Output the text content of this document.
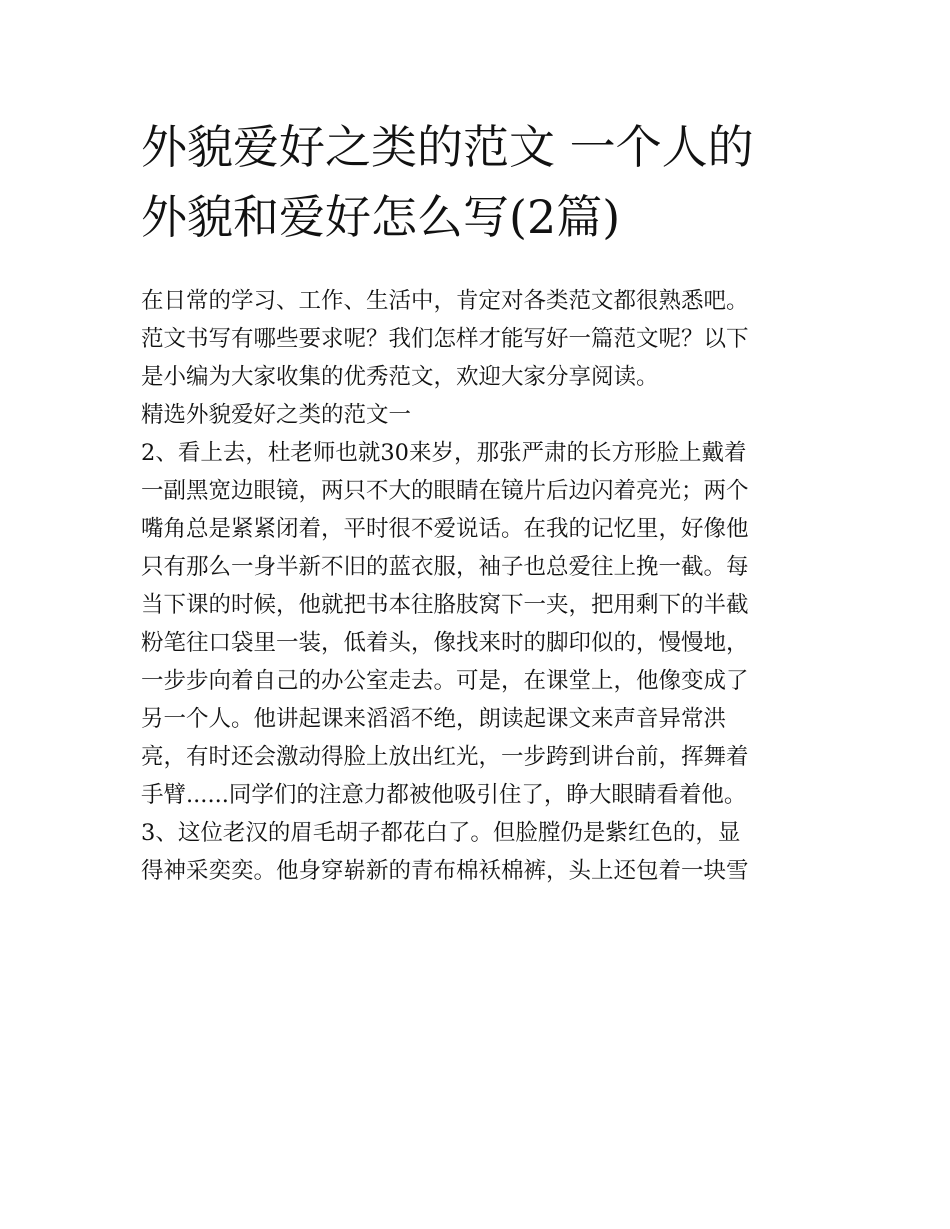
外貌爱好之类的范文 一个人的
外貌和爱好怎么写(2篇)
在日常的学习、工作、生活中，肯定对各类范文都很熟悉吧。
范文书写有哪些要求呢？我们怎样才能写好一篇范文呢？以下
是小编为大家收集的优秀范文，欢迎大家分享阅读。
精选外貌爱好之类的范文一
2、看上去，杜老师也就30来岁，那张严肃的长方形脸上戴着
一副黑宽边眼镜，两只不大的眼睛在镜片后边闪着亮光；两个
嘴角总是紧紧闭着，平时很不爱说话。在我的记忆里，好像他
只有那么一身半新不旧的蓝衣服，袖子也总爱往上挽一截。每
当下课的时候，他就把书本往胳肢窝下一夹，把用剩下的半截
粉笔往口袋里一装，低着头，像找来时的脚印似的，慢慢地，
一步步向着自己的办公室走去。可是，在课堂上，他像变成了
另一个人。他讲起课来滔滔不绝，朗读起课文来声音异常洪
亮，有时还会激动得脸上放出红光，一步跨到讲台前，挥舞着
手臂......同学们的注意力都被他吸引住了，睁大眼睛看着他。
3、这位老汉的眉毛胡子都花白了。但脸膛仍是紫红色的，显
得神采奕奕。他身穿崭新的青布棉袄棉裤，头上还包着一块雪
